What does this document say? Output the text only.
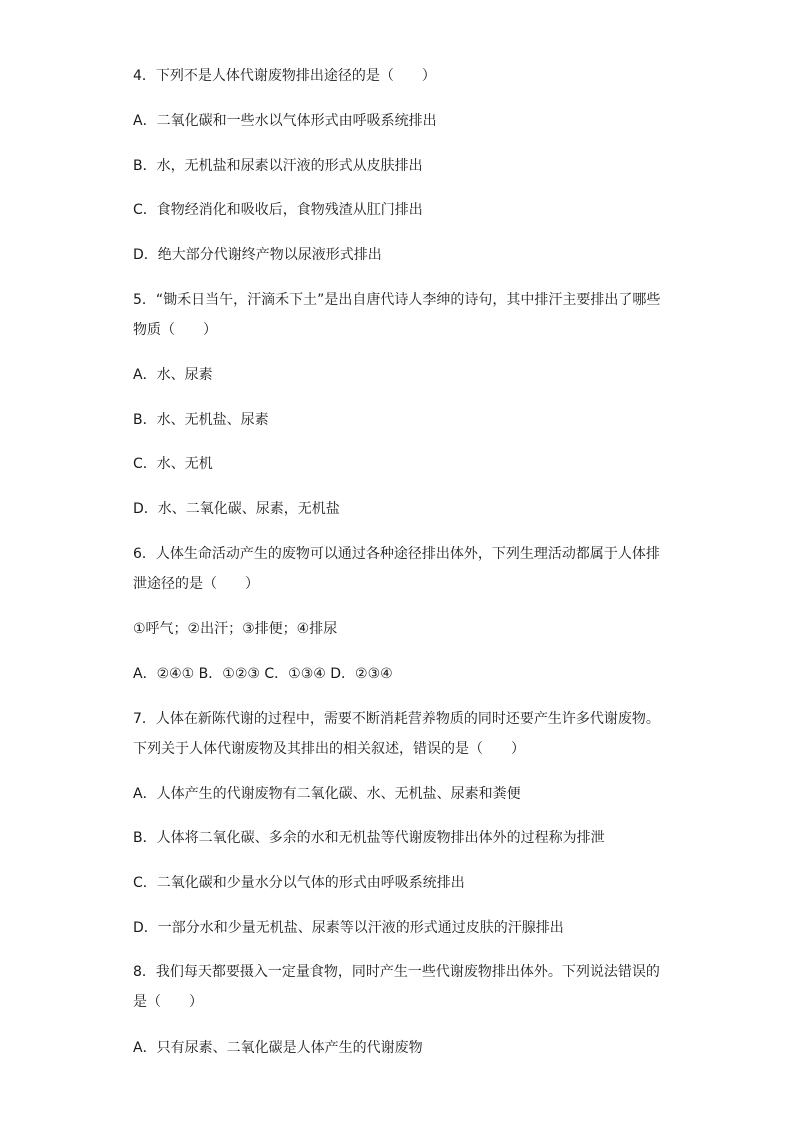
4．下列不是人体代谢废物排出途径的是（　　）
A．二氧化碳和一些水以气体形式由呼吸系统排出
B．水，无机盐和尿素以汗液的形式从皮肤排出
C．食物经消化和吸收后，食物残渣从肛门排出
D．绝大部分代谢终产物以尿液形式排出
5．“锄禾日当午，汗滴禾下土”是出自唐代诗人李绅的诗句，其中排汗主要排出了哪些
物质（　　）
A．水、尿素
B．水、无机盐、尿素
C．水、无机
D．水、二氧化碳、尿素，无机盐
6．人体生命活动产生的废物可以通过各种途径排出体外，下列生理活动都属于人体排
泄途径的是（　　）
①呼气；②出汗；③排便；④排尿
A．②④① B．①②③ C．①③④ D．②③④
7．人体在新陈代谢的过程中，需要不断消耗营养物质的同时还要产生许多代谢废物。
下列关于人体代谢废物及其排出的相关叙述，错误的是（　　）
A．人体产生的代谢废物有二氧化碳、水、无机盐、尿素和粪便
B．人体将二氧化碳、多余的水和无机盐等代谢废物排出体外的过程称为排泄
C．二氧化碳和少量水分以气体的形式由呼吸系统排出
D．一部分水和少量无机盐、尿素等以汗液的形式通过皮肤的汗腺排出
8．我们每天都要摄入一定量食物，同时产生一些代谢废物排出体外。下列说法错误的
是（　　）
A．只有尿素、二氧化碳是人体产生的代谢废物
